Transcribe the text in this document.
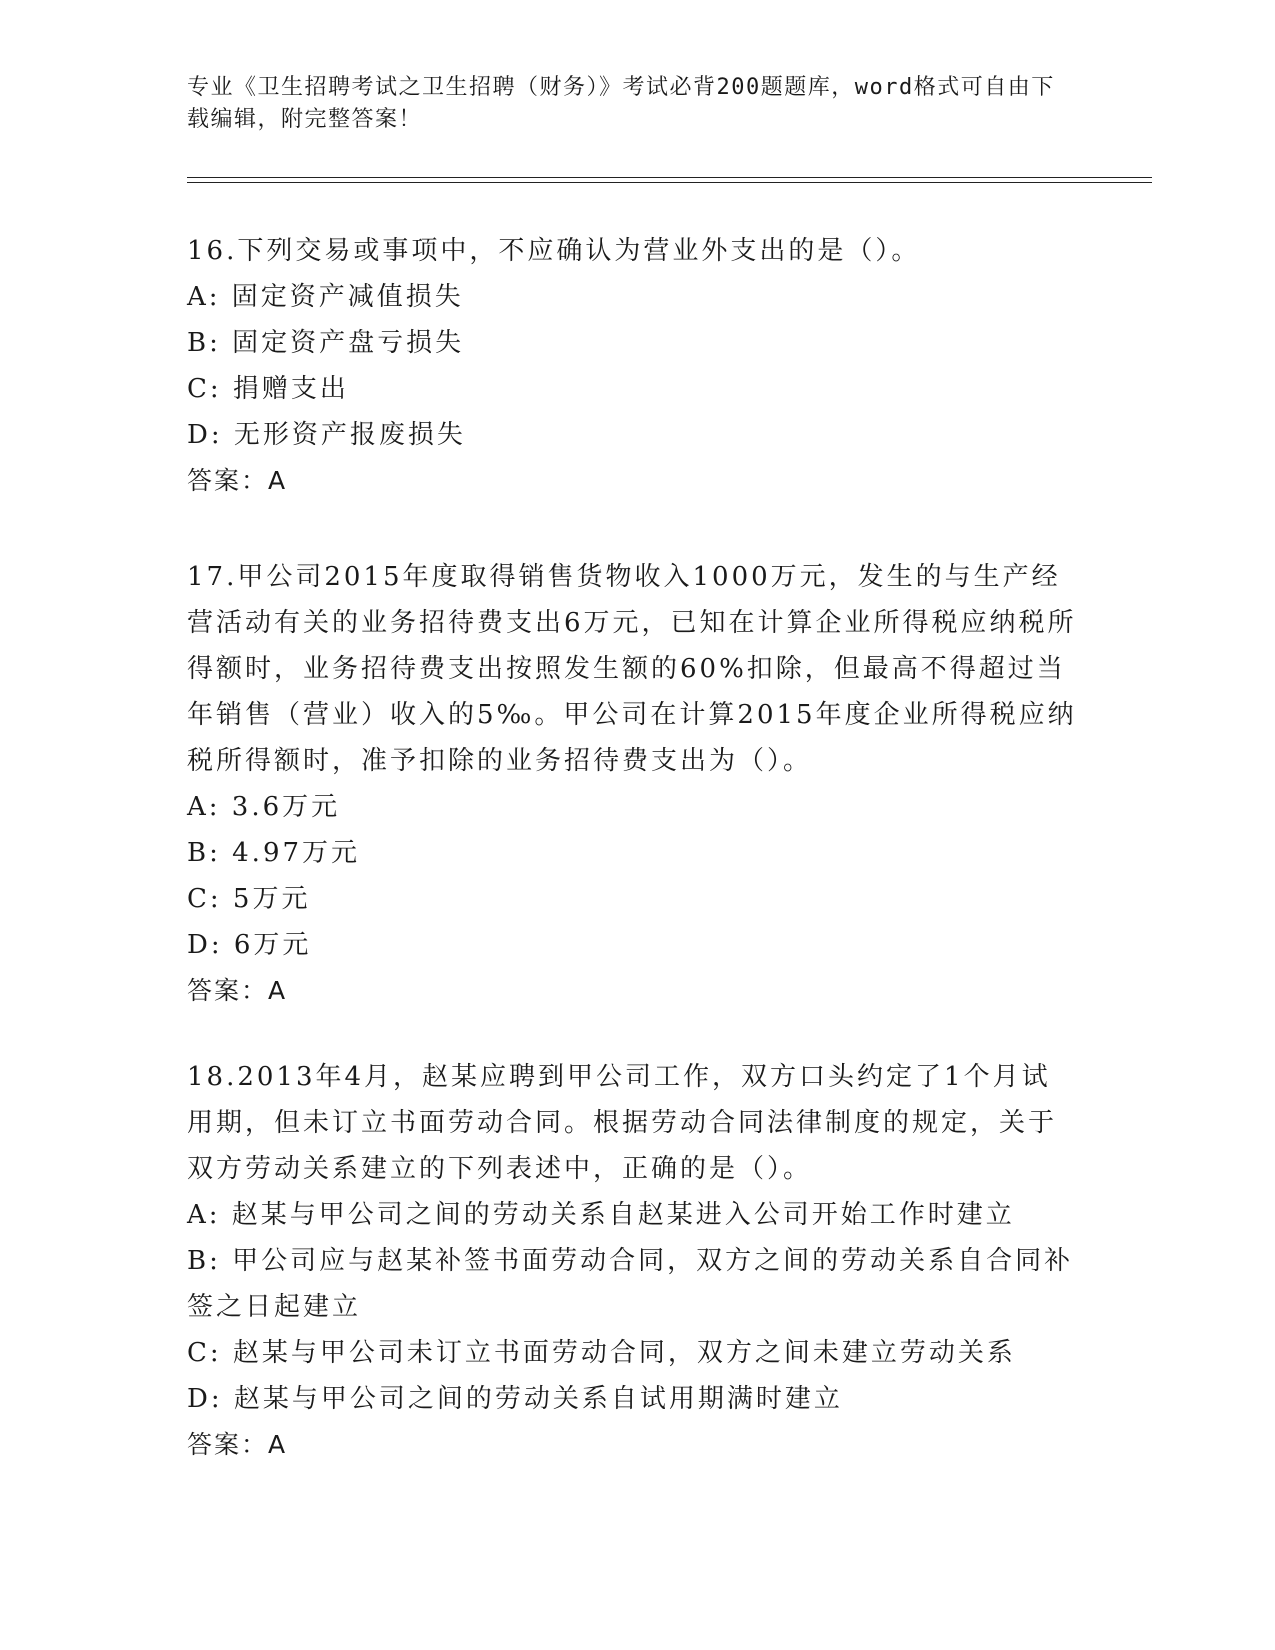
专业《卫生招聘考试之卫生招聘（财务）》考试必背200题题库，word格式可自由下载编辑，附完整答案！

16.下列交易或事项中，不应确认为营业外支出的是（）。

A: 固定资产减值损失

B: 固定资产盘亏损失

C: 捐赠支出

D: 无形资产报废损失

答案：A

17.甲公司2015年度取得销售货物收入1000万元，发生的与生产经营活动有关的业务招待费支出6万元，已知在计算企业所得税应纳税所得额时，业务招待费支出按照发生额的60%扣除，但最高不得超过当年销售（营业）收入的5‰。甲公司在计算2015年度企业所得税应纳税所得额时，准予扣除的业务招待费支出为（）。

A: 3.6万元

B: 4.97万元

C: 5万元

D: 6万元

答案：A

18.2013年4月，赵某应聘到甲公司工作，双方口头约定了1个月试用期，但未订立书面劳动合同。根据劳动合同法律制度的规定，关于双方劳动关系建立的下列表述中，正确的是（）。

A: 赵某与甲公司之间的劳动关系自赵某进入公司开始工作时建立

B: 甲公司应与赵某补签书面劳动合同，双方之间的劳动关系自合同补签之日起建立

C: 赵某与甲公司未订立书面劳动合同，双方之间未建立劳动关系

D: 赵某与甲公司之间的劳动关系自试用期满时建立

答案：A
